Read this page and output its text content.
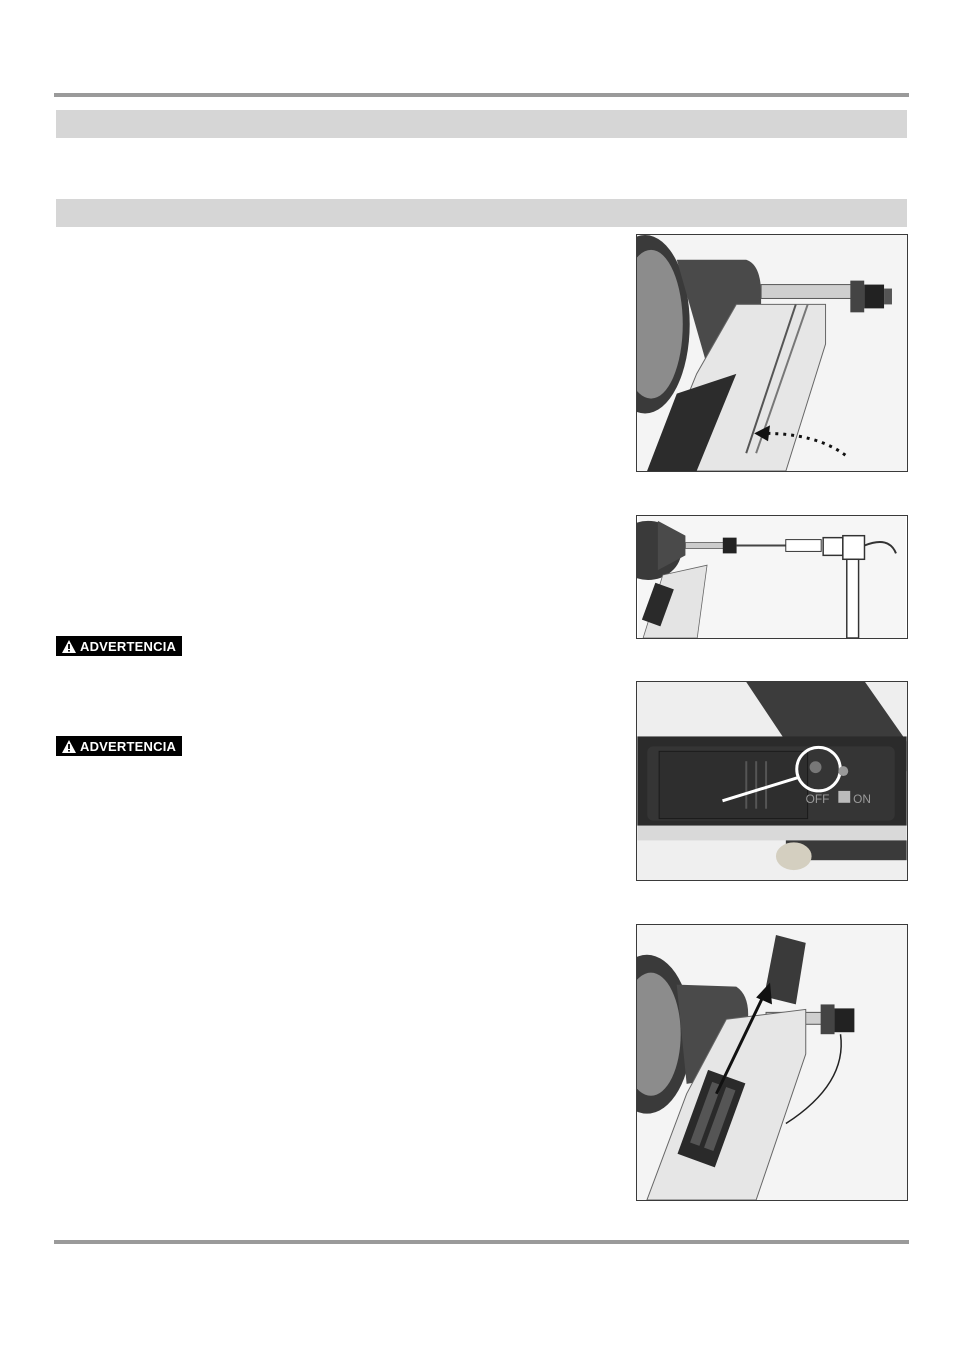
ADVERTENCIA
ADVERTENCIA
OFF ON
